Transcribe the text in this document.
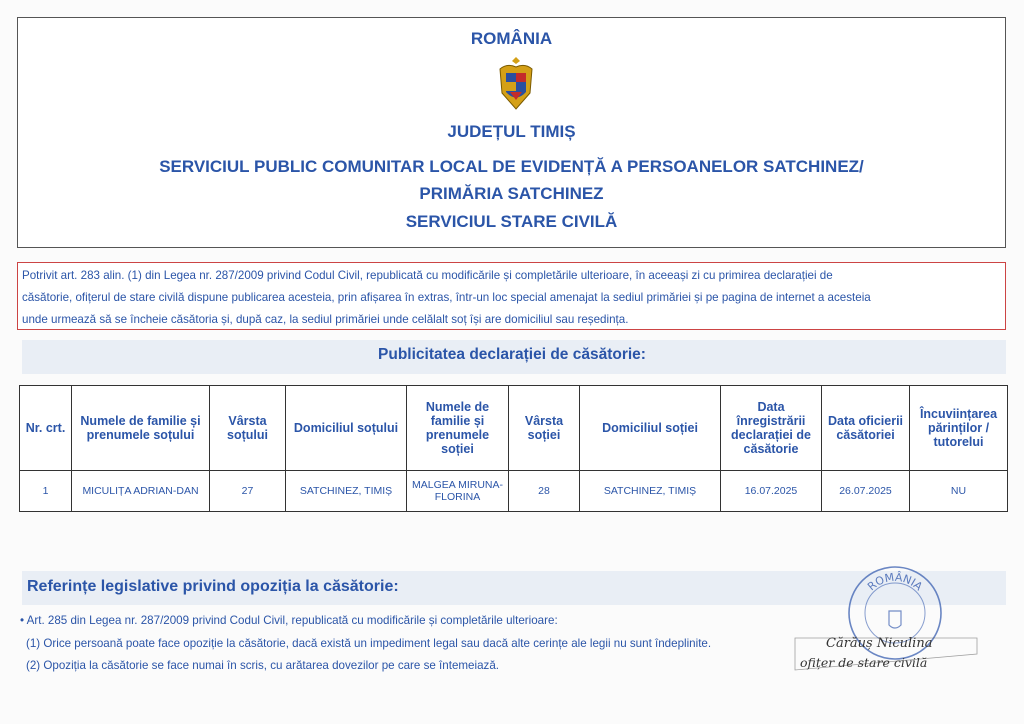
ROMÂNIA
JUDEȚUL TIMIȘ
SERVICIUL PUBLIC COMUNITAR LOCAL DE EVIDENȚĂ A PERSOANELOR SATCHINEZ/
PRIMĂRIA SATCHINEZ
SERVICIUL STARE CIVILĂ
Potrivit art. 283 alin. (1) din Legea nr. 287/2009 privind Codul Civil, republicată cu modificările și completările ulterioare, în aceeași zi cu primirea declarației de
căsătorie, ofițerul de stare civilă dispune publicarea acesteia, prin afișarea în extras, într-un loc special amenajat la sediul primăriei și pe pagina de internet a acesteia
unde urmează să se încheie căsătoria și, după caz, la sediul primăriei unde celălalt soț își are domiciliul sau reședința.
Publicitatea declarației de căsătorie:
Nr. crt.	Numele de familie și prenumele soțului	Vârsta soțului	Domiciliul soțului	Numele de familie și prenumele soției	Vârsta soției	Domiciliul soției	Data înregistrării declarației de căsătorie	Data oficierii căsătoriei	Încuviințarea părinților / tutorelui
1	MICULIȚA ADRIAN-DAN	27	SATCHINEZ, TIMIȘ	MALGEA MIRUNA-FLORINA	28	SATCHINEZ, TIMIȘ	16.07.2025	26.07.2025	NU
Referințe legislative privind opoziția la căsătorie:
• Art. 285 din Legea nr. 287/2009 privind Codul Civil, republicată cu modificările și completările ulterioare:
(1) Orice persoană poate face opoziție la căsătorie, dacă există un impediment legal sau dacă alte cerințe ale legii nu sunt îndeplinite.
(2) Opoziția la căsătorie se face numai în scris, cu arătarea dovezilor pe care se întemeiază.
ROMÂNIA
Cărăuș Niculina
ofițer de stare civilă
